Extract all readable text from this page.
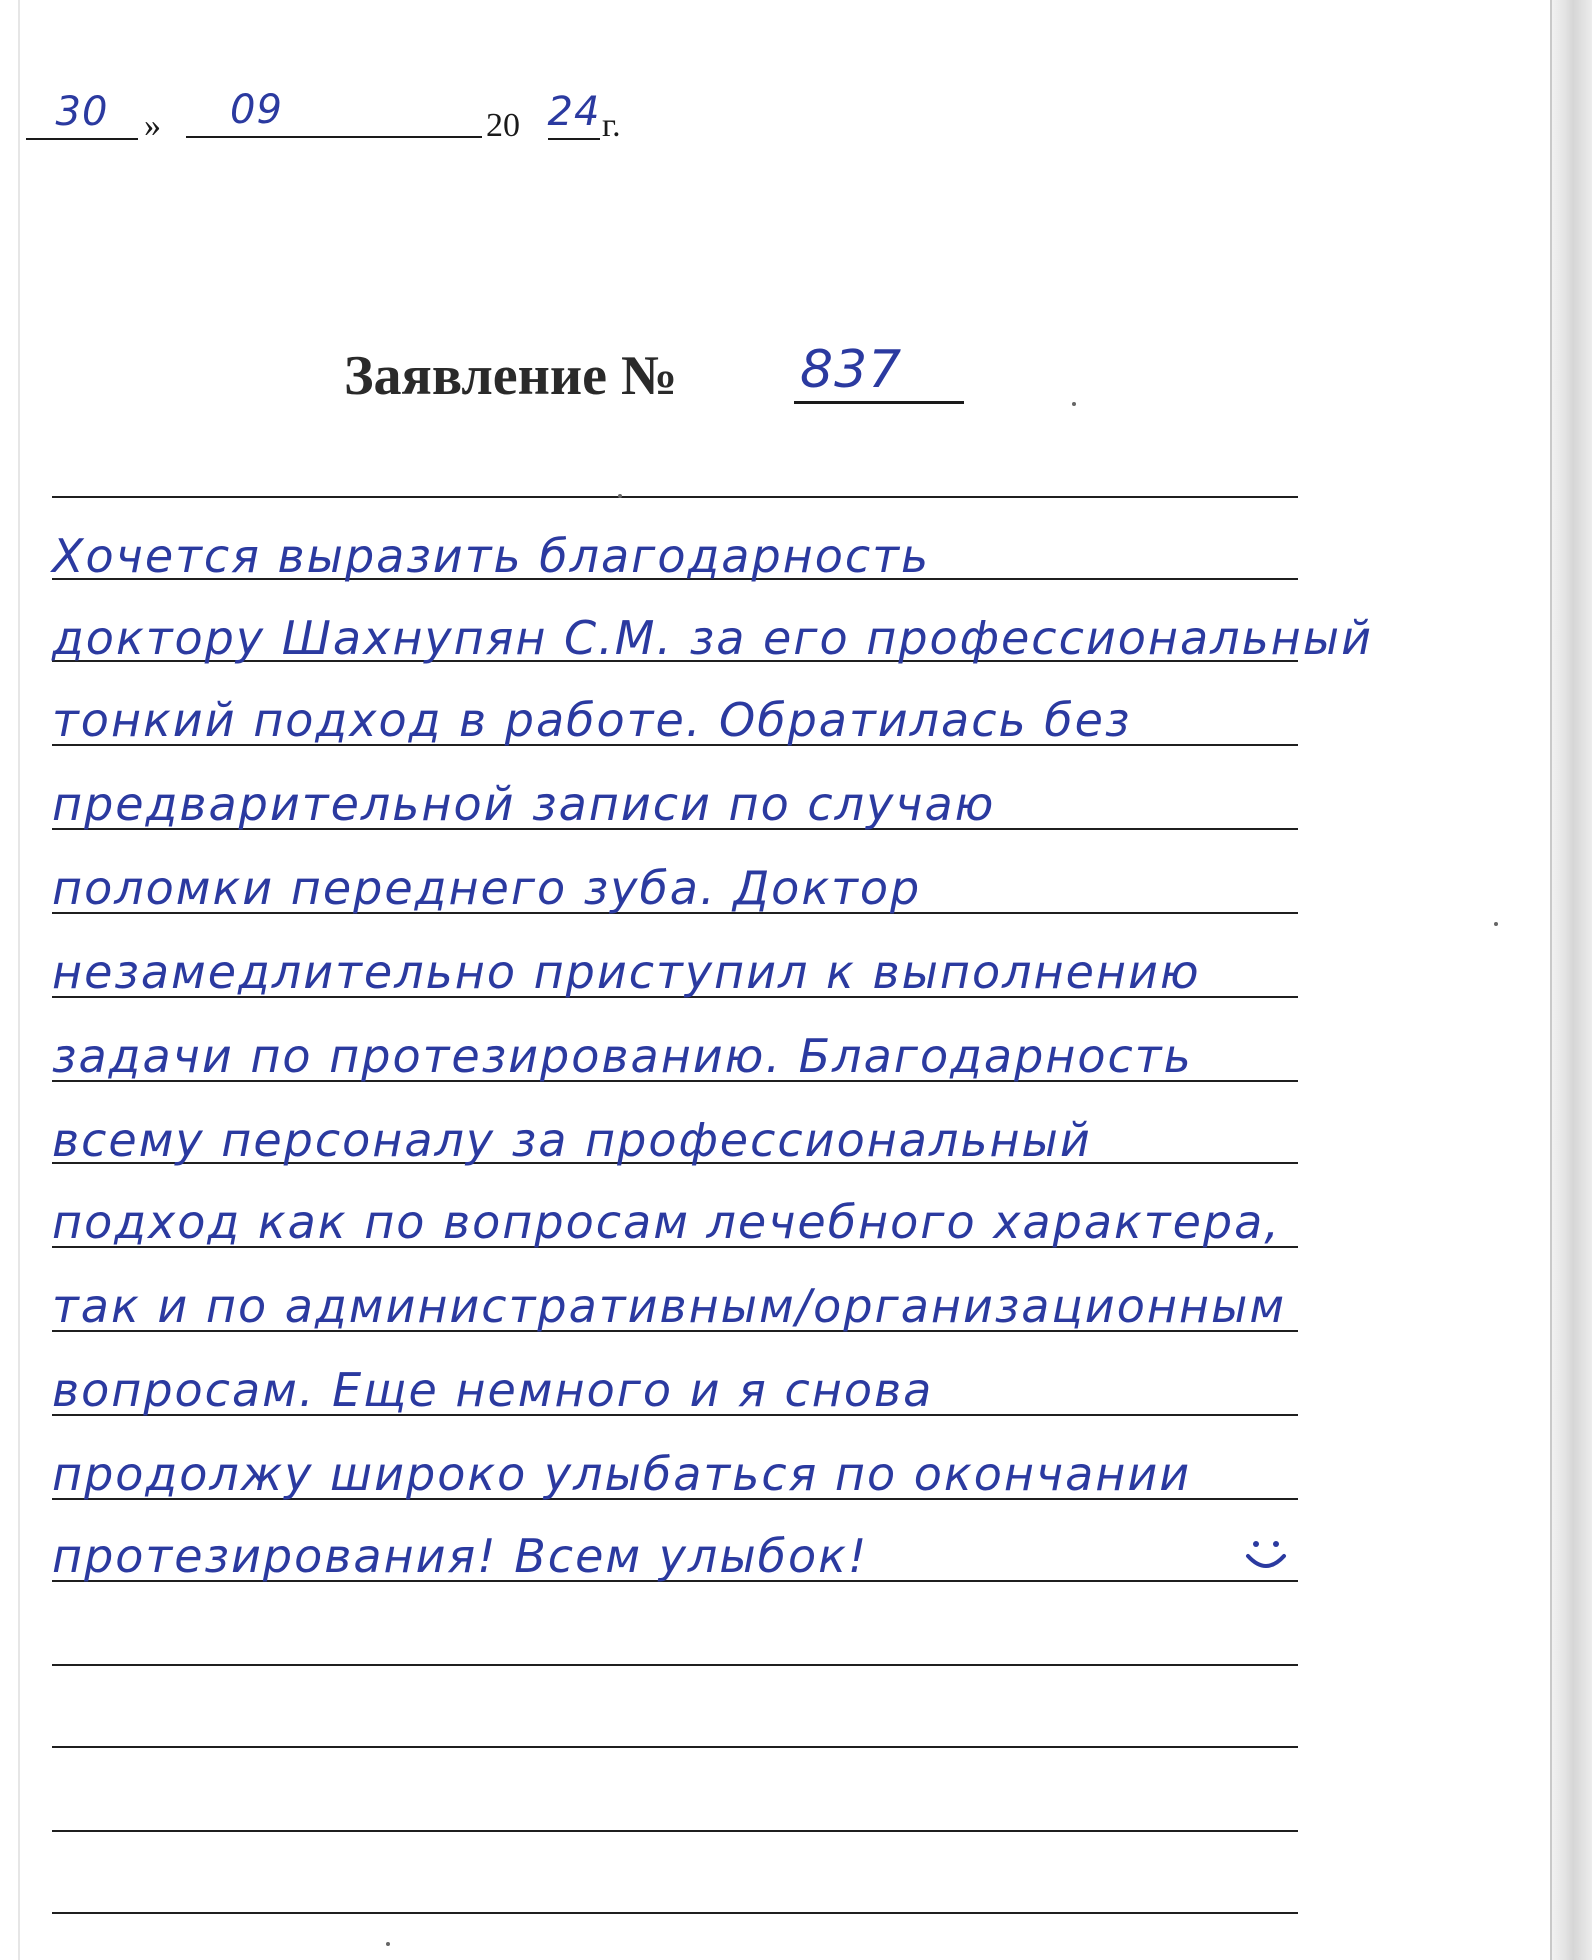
30 » 09	20 24 г.
Заявление № 837
Хочется выразить благодарность
доктору Шахнупян С.М. за его профессиональный
тонкий подход в работе. Обратилась без
предварительной записи по случаю
поломки переднего зуба. Доктор
незамедлительно приступил к выполнению
задачи по протезированию. Благодарность
всему персоналу за профессиональный
подход как по вопросам лечебного характера,
так и по административным/организационным
вопросам. Еще немного и я снова
продолжу широко улыбаться по окончании
протезирования! Всем улыбок!
